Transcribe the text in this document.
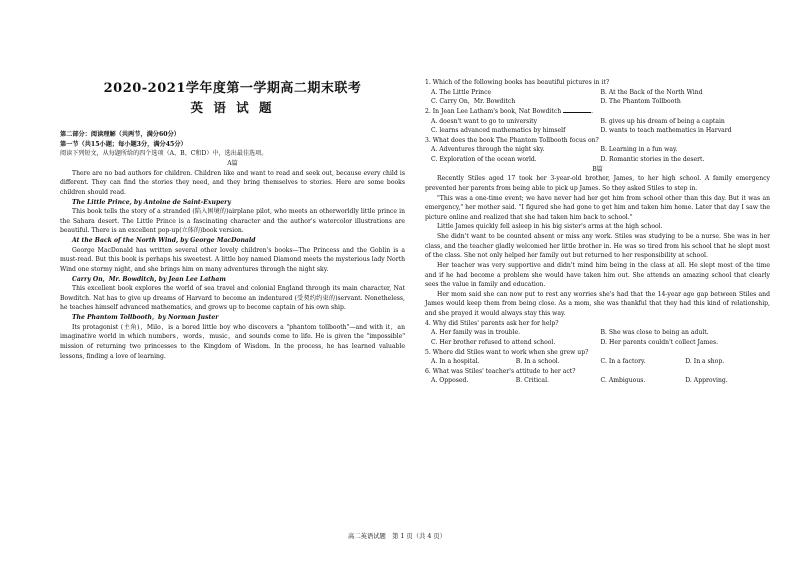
2020-2021学年度第一学期高二期末联考
英 语 试 题

第二部分：阅读理解（共两节，满分60分）

第一节（共15小题；每小题3分，满分45分）

阅读下列短文，从每题所给的四个选项（A、B、C和D）中，选出最佳选项。

A篇

There are no bad authors for children. Children like and want to read and seek out, because every child is different. They can find the stories they need, and they bring themselves to stories. Here are some books children should read.

The Little Prince, by Antoine de Saint-Exupery

This book tells the story of a stranded (陷入困境的)airplane pilot, who meets an otherworldly little prince in the Sahara desert. The Little Prince is a fascinating character and the author's watercolor illustrations are beautiful. There is an excellent pop-up(立体的)book version.

At the Back of the North Wind, by George MacDonald

George MacDonald has written several other lovely children's books—The Princess and the Goblin is a must-read. But this book is perhaps his sweetest. A little boy named Diamond meets the mysterious lady North Wind one stormy night, and she brings him on many adventures through the night sky.

Carry On，Mr. Bowditch, by Jean Lee Latham

This excellent book explores the world of sea travel and colonial England through its main character, Nat Bowditch. Nat has to give up dreams of Harvard to become an indentured (受契约约束的)servant. Nonetheless, he teaches himself advanced mathematics, and grows up to become captain of his own ship.

The Phantom Tollbooth，by Norman Juster

Its protagonist (主角)，Milo，is a bored little boy who discovers a "phantom tollbooth"—and with it，an imaginative world in which numbers，words，music，and sounds come to life. He is given the "impossible" mission of returning two princesses to the Kingdom of Wisdom. In the process, he has learned valuable lessons, finding a love of learning.

1. Which of the following books has beautiful pictures in it?

A. The Little Prince	B. At the Back of the North Wind
C. Carry On，Mr. Bowditch	D. The Phantom Tollbooth

2. In Jean Lee Latham's book, Nat Bowditch	.

A. doesn't want to go to university	B. gives up his dream of being a captain
C. learns advanced mathematics by himself	D. wants to teach mathematics in Harvard

3. What does the book The Phantom Tollbooth focus on?

A. Adventures through the night sky.	B. Learning in a fun way.
C. Exploration of the ocean world.	D. Romantic stories in the desert.

B篇

Recently Stiles aged 17 took her 3-year-old brother, James, to her high school. A family emergency prevented her parents from being able to pick up James. So they asked Stiles to step in.

"This was a one-time event; we have never had her get him from school other than this day. But it was an emergency," her mother said. "I figured she had gone to get him and taken him home. Later that day I saw the picture online and realized that she had taken him back to school."

Little James quickly fell asleep in his big sister's arms at the high school.

She didn't want to be counted absent or miss any work. Stiles was studying to be a nurse. She was in her class, and the teacher gladly welcomed her little brother in. He was so tired from his school that he slept most of the class. She not only helped her family out but returned to her responsibility at school.

Her teacher was very supportive and didn't mind him being in the class at all. He slept most of the time and if he had become a problem she would have taken him out. She attends an amazing school that clearly sees the value in family and education.

Her mom said she can now put to rest any worries she's had that the 14-year age gap between Stiles and James would keep them from being close. As a mom, she was thankful that they had this kind of relationship, and she prayed it would always stay this way.

4. Why did Stiles' parents ask her for help?

A. Her family was in trouble.	B. She was close to being an adult.
C. Her brother refused to attend school.	D. Her parents couldn't collect James.

5. Where did Stiles want to work when she grew up?

A. In a hospital.	B. In a school.	C. In a factory.	D. In a shop.

6. What was Stiles' teacher's attitude to her act?

A. Opposed.	B. Critical.	C. Ambiguous.	D. Approving.
高二英语试题　第 1 页（共 4 页）
